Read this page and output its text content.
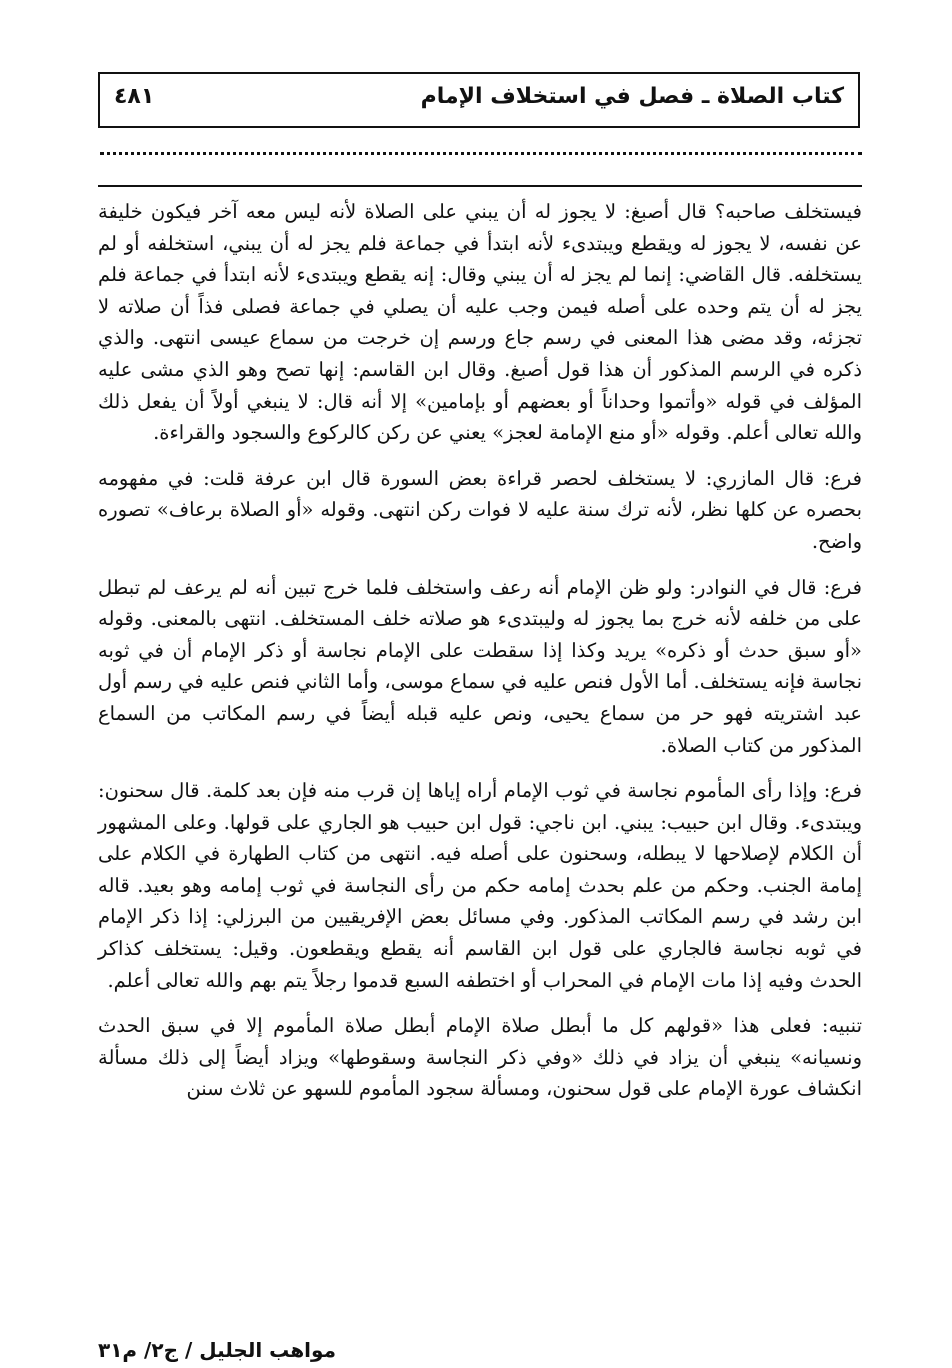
كتاب الصلاة ـ فصل في استخلاف الإمام
٤٨١

فيستخلف صاحبه؟ قال أصبغ: لا يجوز له أن يبني على الصلاة لأنه ليس معه آخر فيكون خليفة عن نفسه، لا يجوز له ويقطع ويبتدىء لأنه ابتدأ في جماعة فلم يجز له أن يبني، استخلفه أو لم يستخلفه. قال القاضي: إنما لم يجز له أن يبني وقال: إنه يقطع ويبتدىء لأنه ابتدأ في جماعة فلم يجز له أن يتم وحده على أصله فيمن وجب عليه أن يصلي في جماعة فصلى فذاً أن صلاته لا تجزئه، وقد مضى هذا المعنى في رسم جاع ورسم إن خرجت من سماع عيسى انتهى. والذي ذكره في الرسم المذكور أن هذا قول أصبغ. وقال ابن القاسم: إنها تصح وهو الذي مشى عليه المؤلف في قوله «وأتموا وحداناً أو بعضهم أو بإمامين» إلا أنه قال: لا ينبغي أولاً أن يفعل ذلك والله تعالى أعلم. وقوله «أو منع الإمامة لعجز» يعني عن ركن كالركوع والسجود والقراءة.

فرع: قال المازري: لا يستخلف لحصر قراءة بعض السورة قال ابن عرفة قلت: في مفهومه بحصره عن كلها نظر، لأنه ترك سنة عليه لا فوات ركن انتهى. وقوله «أو الصلاة برعاف» تصوره واضح.

فرع: قال في النوادر: ولو ظن الإمام أنه رعف واستخلف فلما خرج تبين أنه لم يرعف لم تبطل على من خلفه لأنه خرج بما يجوز له وليبتدىء هو صلاته خلف المستخلف. انتهى بالمعنى. وقوله «أو سبق حدث أو ذكره» يريد وكذا إذا سقطت على الإمام نجاسة أو ذكر الإمام أن في ثوبه نجاسة فإنه يستخلف. أما الأول فنص عليه في سماع موسى، وأما الثاني فنص عليه في رسم أول عبد اشتريته فهو حر من سماع يحيى، ونص عليه قبله أيضاً في رسم المكاتب من السماع المذكور من كتاب الصلاة.

فرع: وإذا رأى المأموم نجاسة في ثوب الإمام أراه إياها إن قرب منه فإن بعد كلمة. قال سحنون: ويبتدىء. وقال ابن حبيب: يبني. ابن ناجي: قول ابن حبيب هو الجاري على قولها. وعلى المشهور أن الكلام لإصلاحها لا يبطله، وسحنون على أصله فيه. انتهى من كتاب الطهارة في الكلام على إمامة الجنب. وحكم من علم بحدث إمامه حكم من رأى النجاسة في ثوب إمامه وهو بعيد. قاله ابن رشد في رسم المكاتب المذكور. وفي مسائل بعض الإفريقيين من البرزلي: إذا ذكر الإمام في ثوبه نجاسة فالجاري على قول ابن القاسم أنه يقطع ويقطعون. وقيل: يستخلف كذاكر الحدث وفيه إذا مات الإمام في المحراب أو اختطفه السبع قدموا رجلاً يتم بهم والله تعالى أعلم.

تنبيه: فعلى هذا «قولهم كل ما أبطل صلاة الإمام أبطل صلاة المأموم إلا في سبق الحدث ونسيانه» ينبغي أن يزاد في ذلك «وفي ذكر النجاسة وسقوطها» ويزاد أيضاً إلى ذلك مسألة انكشاف عورة الإمام على قول سحنون، ومسألة سجود المأموم للسهو عن ثلاث سنن

مواهب الجليل / ج٢/ م٣١
